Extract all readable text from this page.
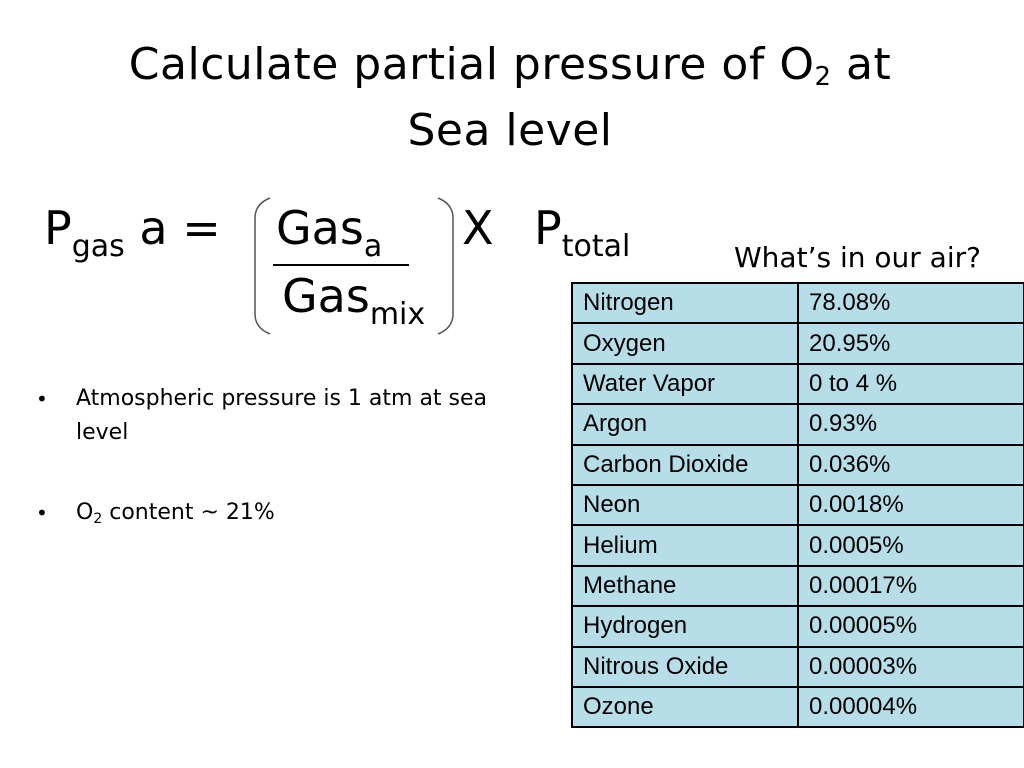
Calculate partial pressure of $O_2$ at
Sea level
$P_{gas}$ a = Gas$_a$
Gas$_{mix}$
X $P_{total}$
• Atmospheric pressure is 1 atm at sea level
• $O_2$ content ~ 21%
What’s in our air?
Nitrogen	78.08%
Oxygen	20.95%
Water Vapor	0 to 4 %
Argon	0.93%
Carbon Dioxide	0.036%
Neon	0.0018%
Helium	0.0005%
Methane	0.00017%
Hydrogen	0.00005%
Nitrous Oxide	0.00003%
Ozone	0.00004%
